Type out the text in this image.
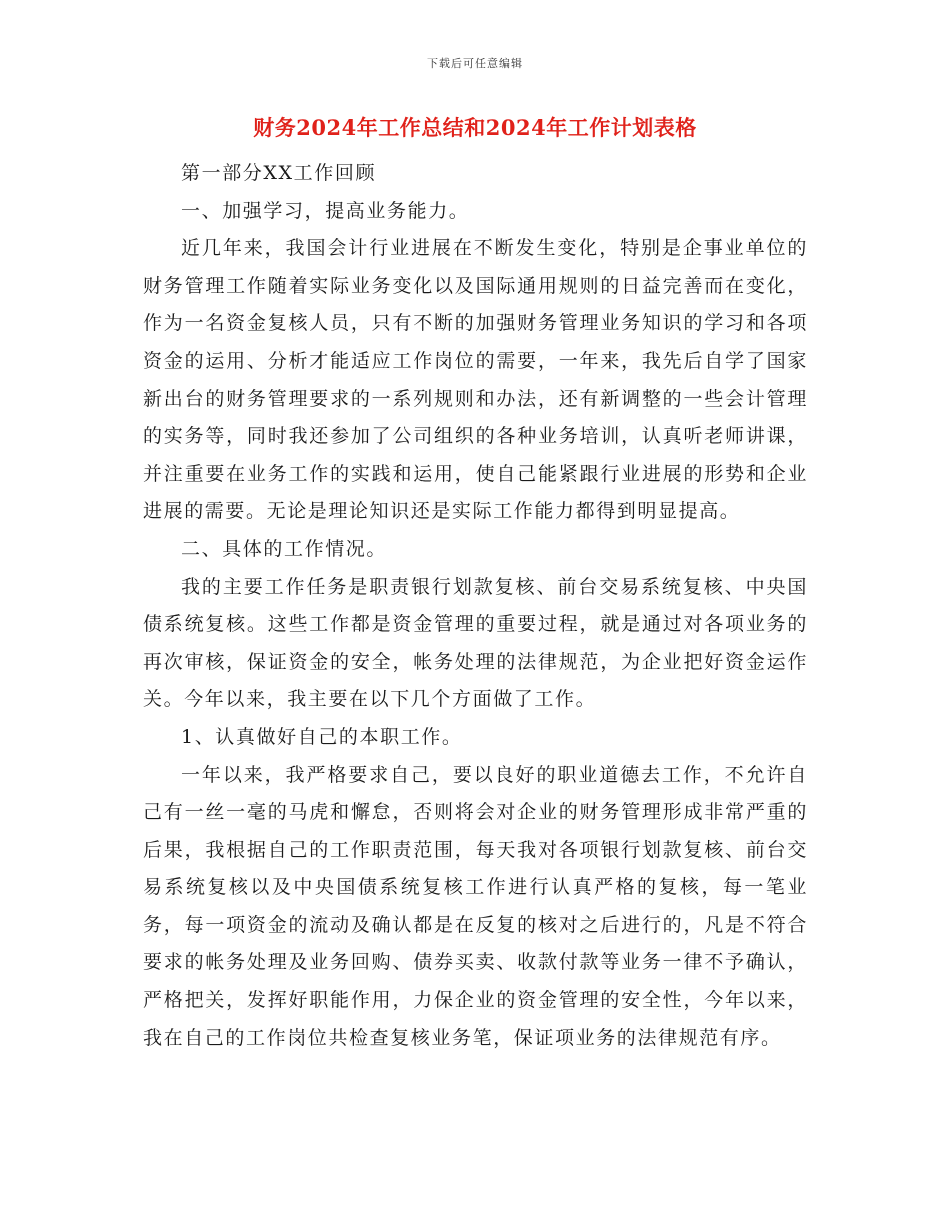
下载后可任意编辑
财务2024年工作总结和2024年工作计划表格

第一部分XX工作回顾

一、加强学习，提高业务能力。

近几年来，我国会计行业进展在不断发生变化，特别是企事业单位的财务管理工作随着实际业务变化以及国际通用规则的日益完善而在变化，作为一名资金复核人员，只有不断的加强财务管理业务知识的学习和各项资金的运用、分析才能适应工作岗位的需要，一年来，我先后自学了国家新出台的财务管理要求的一系列规则和办法，还有新调整的一些会计管理的实务等，同时我还参加了公司组织的各种业务培训，认真听老师讲课，并注重要在业务工作的实践和运用，使自己能紧跟行业进展的形势和企业进展的需要。无论是理论知识还是实际工作能力都得到明显提高。

二、具体的工作情况。

我的主要工作任务是职责银行划款复核、前台交易系统复核、中央国债系统复核。这些工作都是资金管理的重要过程，就是通过对各项业务的再次审核，保证资金的安全，帐务处理的法律规范，为企业把好资金运作关。今年以来，我主要在以下几个方面做了工作。

1、认真做好自己的本职工作。

一年以来，我严格要求自己，要以良好的职业道德去工作，不允许自己有一丝一毫的马虎和懈怠，否则将会对企业的财务管理形成非常严重的后果，我根据自己的工作职责范围，每天我对各项银行划款复核、前台交易系统复核以及中央国债系统复核工作进行认真严格的复核，每一笔业务，每一项资金的流动及确认都是在反复的核对之后进行的，凡是不符合要求的帐务处理及业务回购、债券买卖、收款付款等业务一律不予确认，严格把关，发挥好职能作用，力保企业的资金管理的安全性，今年以来，我在自己的工作岗位共检查复核业务笔，保证项业务的法律规范有序。
